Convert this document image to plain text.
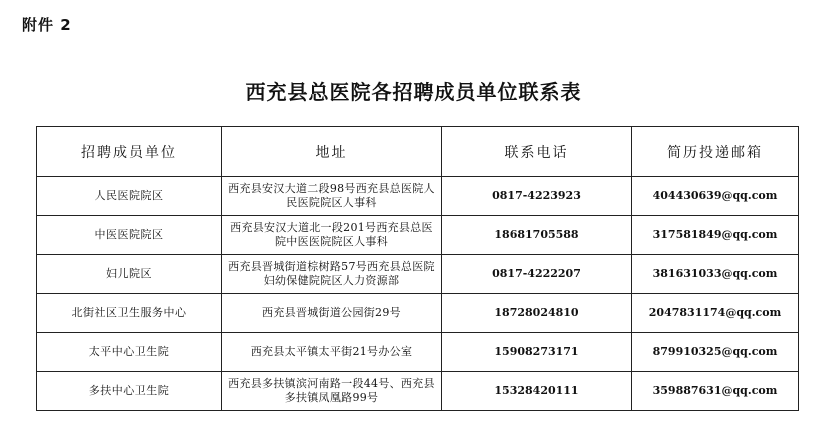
附件 2
西充县总医院各招聘成员单位联系表
招聘成员单位	地址	联系电话	简历投递邮箱
人民医院院区	西充县安汉大道二段98号西充县总医院人民医院院区人事科	0817-4223923	404430639@qq.com
中医医院院区	西充县安汉大道北一段201号西充县总医院中医医院院区人事科	18681705588	317581849@qq.com
妇儿院区	西充县晋城街道棕树路57号西充县总医院妇幼保健院院区人力资源部	0817-4222207	381631033@qq.com
北街社区卫生服务中心	西充县晋城街道公园街29号	18728024810	2047831174@qq.com
太平中心卫生院	西充县太平镇太平街21号办公室	15908273171	879910325@qq.com
多扶中心卫生院	西充县多扶镇滨河南路一段44号、西充县多扶镇凤凰路99号	15328420111	359887631@qq.com
